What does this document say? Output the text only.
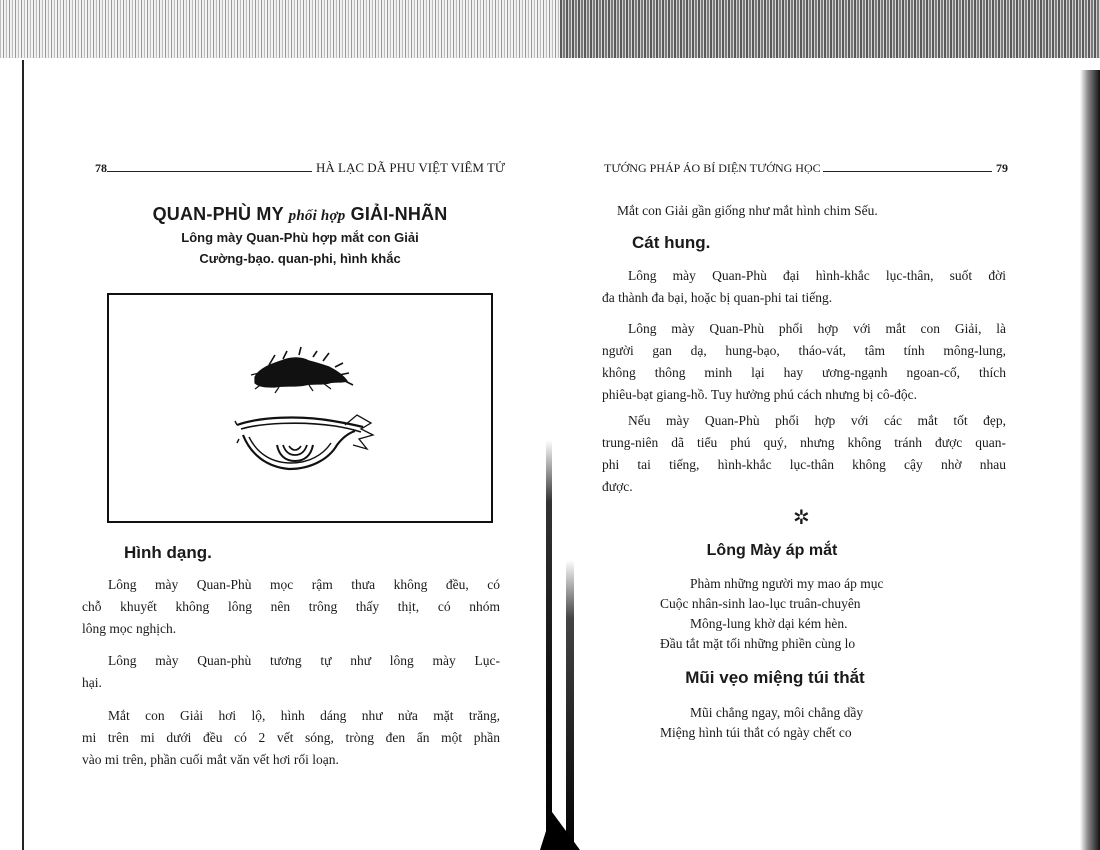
78	HÀ LẠC DÃ PHU VIỆT VIÊM TỬ
QUAN-PHÙ MY phối hợp GIẢI-NHÃN
Lông mày Quan-Phù hợp mắt con Giải
Cường-bạo. quan-phi, hình khắc
Hình dạng.
Lông mày Quan-Phù mọc rậm thưa không đều, có
chỗ khuyết không lông nên trông thấy thịt, có nhóm
lông mọc nghịch.
Lông mày Quan-phù tương tự như lông mày Lục-
hại.
Mắt con Giải hơi lộ, hình dáng như nửa mặt trăng,
mi trên mi dưới đều có 2 vết sóng, tròng đen ẩn một phần
vào mi trên, phần cuối mắt văn vết hơi rối loạn.
TƯỚNG PHÁP ÁO BÍ DIỆN TƯỚNG HỌC	79
Mắt con Giải gần giống như mắt hình chim Sếu.
Cát hung.
Lông mày Quan-Phù đại hình-khắc lục-thân, suốt đời
đa thành đa bại, hoặc bị quan-phi tai tiếng.
Lông mày Quan-Phù phối hợp với mắt con Giải, là
người gan dạ, hung-bạo, tháo-vát, tâm tính mông-lung,
không thông minh lại hay ương-ngạnh ngoan-cố, thích
phiêu-bạt giang-hồ. Tuy hưởng phú cách nhưng bị cô-độc.
Nếu mày Quan-Phù phối hợp với các mắt tốt đẹp,
trung-niên dã tiểu phú quý, nhưng không tránh được quan-
phi tai tiếng, hình-khắc lục-thân không cậy nhờ nhau
được.
✲
Lông Mày áp mắt
Phàm những người my mao áp mục
Cuộc nhân-sinh lao-lục truân-chuyên
Mông-lung khờ dại kém hèn.
Đầu tắt mặt tối những phiền cùng lo
Mũi vẹo miệng túi thắt
Mũi chẳng ngay, môi chẳng dầy
Miệng hình túi thắt có ngày chết co
